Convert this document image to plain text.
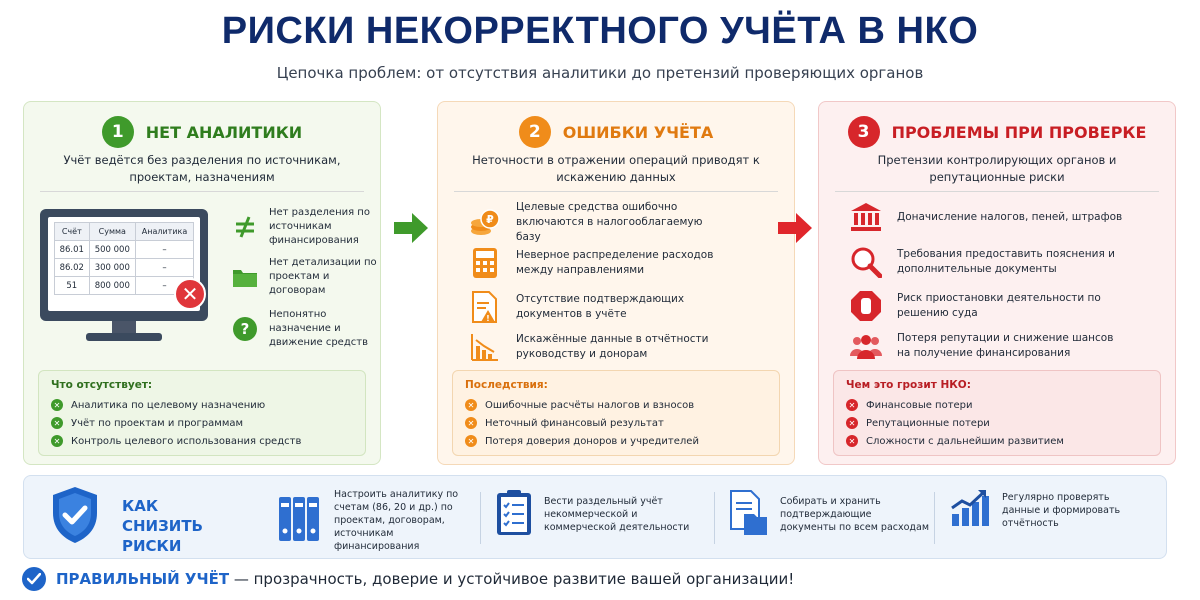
РИСКИ НЕКОРРЕКТНОГО УЧЁТА В НКО
Цепочка проблем: от отсутствия аналитики до претензий проверяющих органов
1	НЕТ АНАЛИТИКИ
Учёт ведётся без разделения по источникам, проектам, назначениям
Счёт	Сумма	Аналитика
86.01	500 000	–
86.02	300 000	–
51	800 000	– ✕
Нет разделения по источникам финансирования
Нет детализации по проектам и договорам
?
Непонятно назначение и движение средств
Что отсутствует:
✕ Аналитика по целевому назначению
✕ Учёт по проектам и программам
✕ Контроль целевого использования средств
2	ОШИБКИ УЧЁТА
Неточности в отражении операций приводят к искажению данных
₽
Целевые средства ошибочно включаются в налогооблагаемую базу
Неверное распределение расходов между направлениями
!
Отсутствие подтверждающих документов в учёте
Искажённые данные в отчётности руководству и донорам
Последствия:
✕ Ошибочные расчёты налогов и взносов
✕ Неточный финансовый результат
✕ Потеря доверия доноров и учредителей
3	ПРОБЛЕМЫ ПРИ ПРОВЕРКЕ
Претензии контролирующих органов и репутационные риски
Доначисление налогов, пеней, штрафов
Требования предоставить пояснения и дополнительные документы
Риск приостановки деятельности по решению суда
Потеря репутации и снижение шансов на получение финансирования
Чем это грозит НКО:
✕ Финансовые потери
✕ Репутационные потери
✕ Сложности с дальнейшим развитием
КАК СНИЗИТЬ РИСКИ
Настроить аналитику по счетам (86, 20 и др.) по проектам, договорам, источникам финансирования
Вести раздельный учёт некоммерческой и коммерческой деятельности
Собирать и хранить подтверждающие документы по всем расходам
Регулярно проверять данные и формировать отчётность
ПРАВИЛЬНЫЙ УЧЁТ — прозрачность, доверие и устойчивое развитие вашей организации!
